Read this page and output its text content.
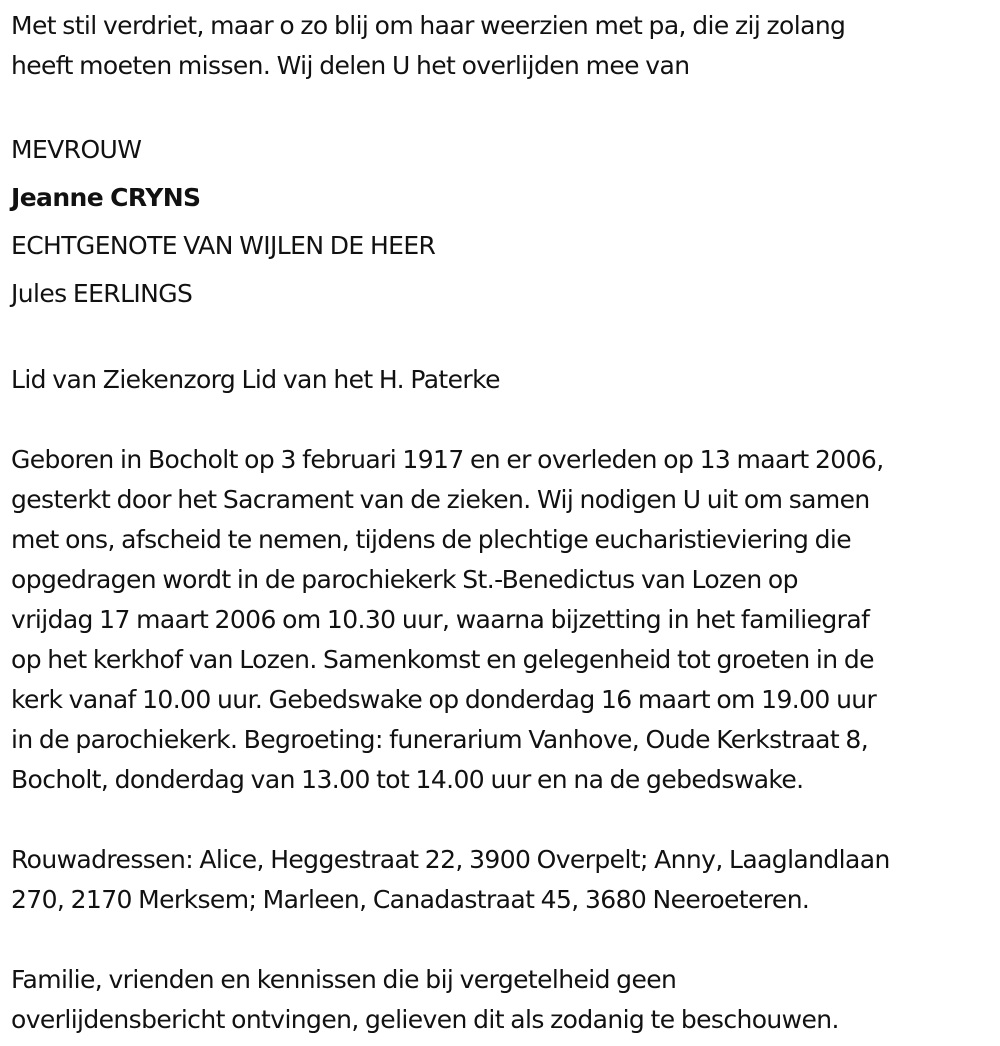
Met stil verdriet, maar o zo blij om haar weerzien met pa, die zij zolang
heeft moeten missen. Wij delen U het overlijden mee van
MEVROUW
Jeanne CRYNS
ECHTGENOTE VAN WIJLEN DE HEER
Jules EERLINGS
Lid van Ziekenzorg Lid van het H. Paterke
Geboren in Bocholt op 3 februari 1917 en er overleden op 13 maart 2006,
gesterkt door het Sacrament van de zieken. Wij nodigen U uit om samen
met ons, afscheid te nemen, tijdens de plechtige eucharistieviering die
opgedragen wordt in de parochiekerk St.-Benedictus van Lozen op
vrijdag 17 maart 2006 om 10.30 uur, waarna bijzetting in het familiegraf
op het kerkhof van Lozen. Samenkomst en gelegenheid tot groeten in de
kerk vanaf 10.00 uur. Gebedswake op donderdag 16 maart om 19.00 uur
in de parochiekerk. Begroeting: funerarium Vanhove, Oude Kerkstraat 8,
Bocholt, donderdag van 13.00 tot 14.00 uur en na de gebedswake.
Rouwadressen: Alice, Heggestraat 22, 3900 Overpelt; Anny, Laaglandlaan
270, 2170 Merksem; Marleen, Canadastraat 45, 3680 Neeroeteren.
Familie, vrienden en kennissen die bij vergetelheid geen
overlijdensbericht ontvingen, gelieven dit als zodanig te beschouwen.
